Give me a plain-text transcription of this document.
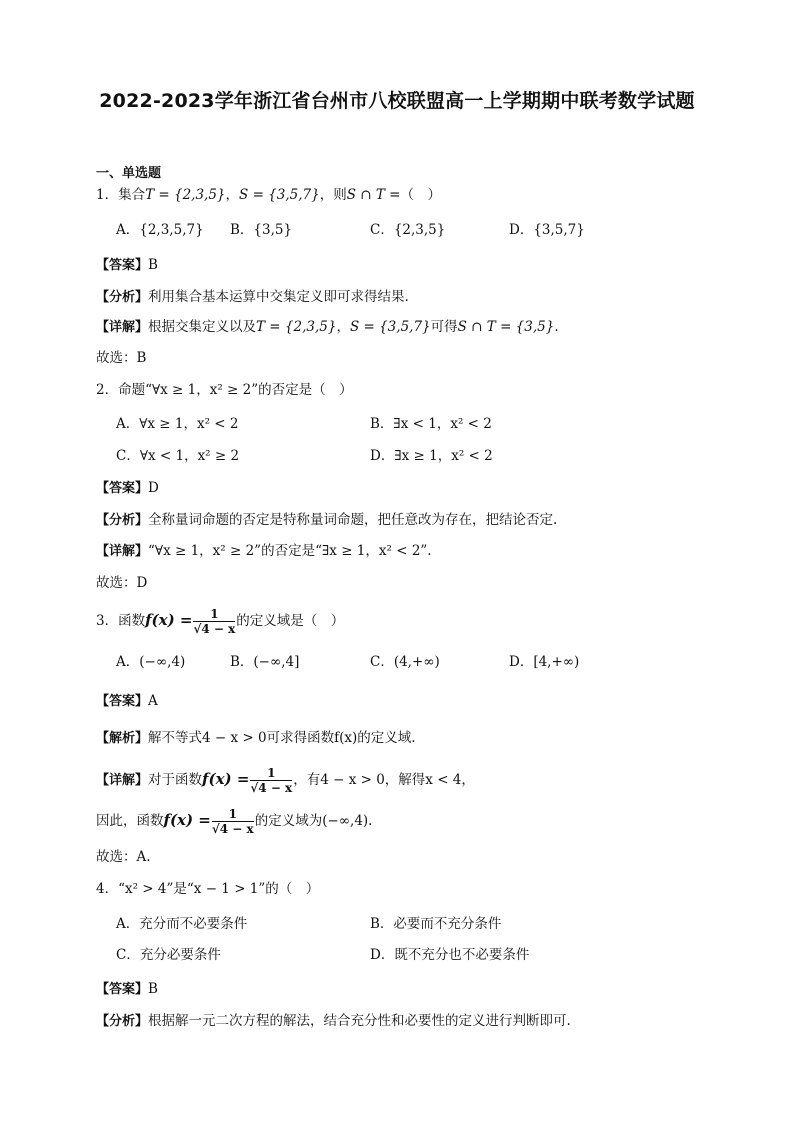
2022-2023学年浙江省台州市八校联盟高一上学期期中联考数学试题
一、单选题
1．集合T = {2,3,5}，S = {3,5,7}，则S ∩ T =（　）
A．{2,3,5,7} B．{3,5}	C．{2,3,5}	D．{3,5,7}
【答案】B
【分析】利用集合基本运算中交集定义即可求得结果.
【详解】根据交集定义以及T = {2,3,5}，S = {3,5,7}可得S ∩ T = {3,5}.
故选：B
2．命题“∀x ≥ 1，x² ≥ 2”的否定是（　）
A．∀x ≥ 1，x² < 2	B．∃x < 1，x² < 2
C．∀x < 1，x² ≥ 2	D．∃x ≥ 1，x² < 2
【答案】D
【分析】全称量词命题的否定是特称量词命题，把任意改为存在，把结论否定.
【详解】“∀x ≥ 1，x² ≥ 2”的否定是“∃x ≥ 1，x² < 2”.
故选：D
3．函数$f(x) = \frac{1}{√4 - x}$ 的定义域是（　）
A．(−∞,4)	B．(−∞,4]	C．(4,+∞)	D．[4,+∞)
【答案】A
【解析】解不等式4 − x > 0可求得函数f(x)的定义域.
【详解】对于函数$f(x) = \frac{1}{√4 - x}$ ，有4 − x > 0，解得x < 4，
因此，函数$f(x) = \frac{1}{√4 - x}$ 的定义域为(−∞,4).
故选：A.
4．“x² > 4”是“x − 1 > 1”的（　）
A．充分而不必要条件	B．必要而不充分条件
C．充分必要条件	D．既不充分也不必要条件
【答案】B
【分析】根据解一元二次方程的解法，结合充分性和必要性的定义进行判断即可.
